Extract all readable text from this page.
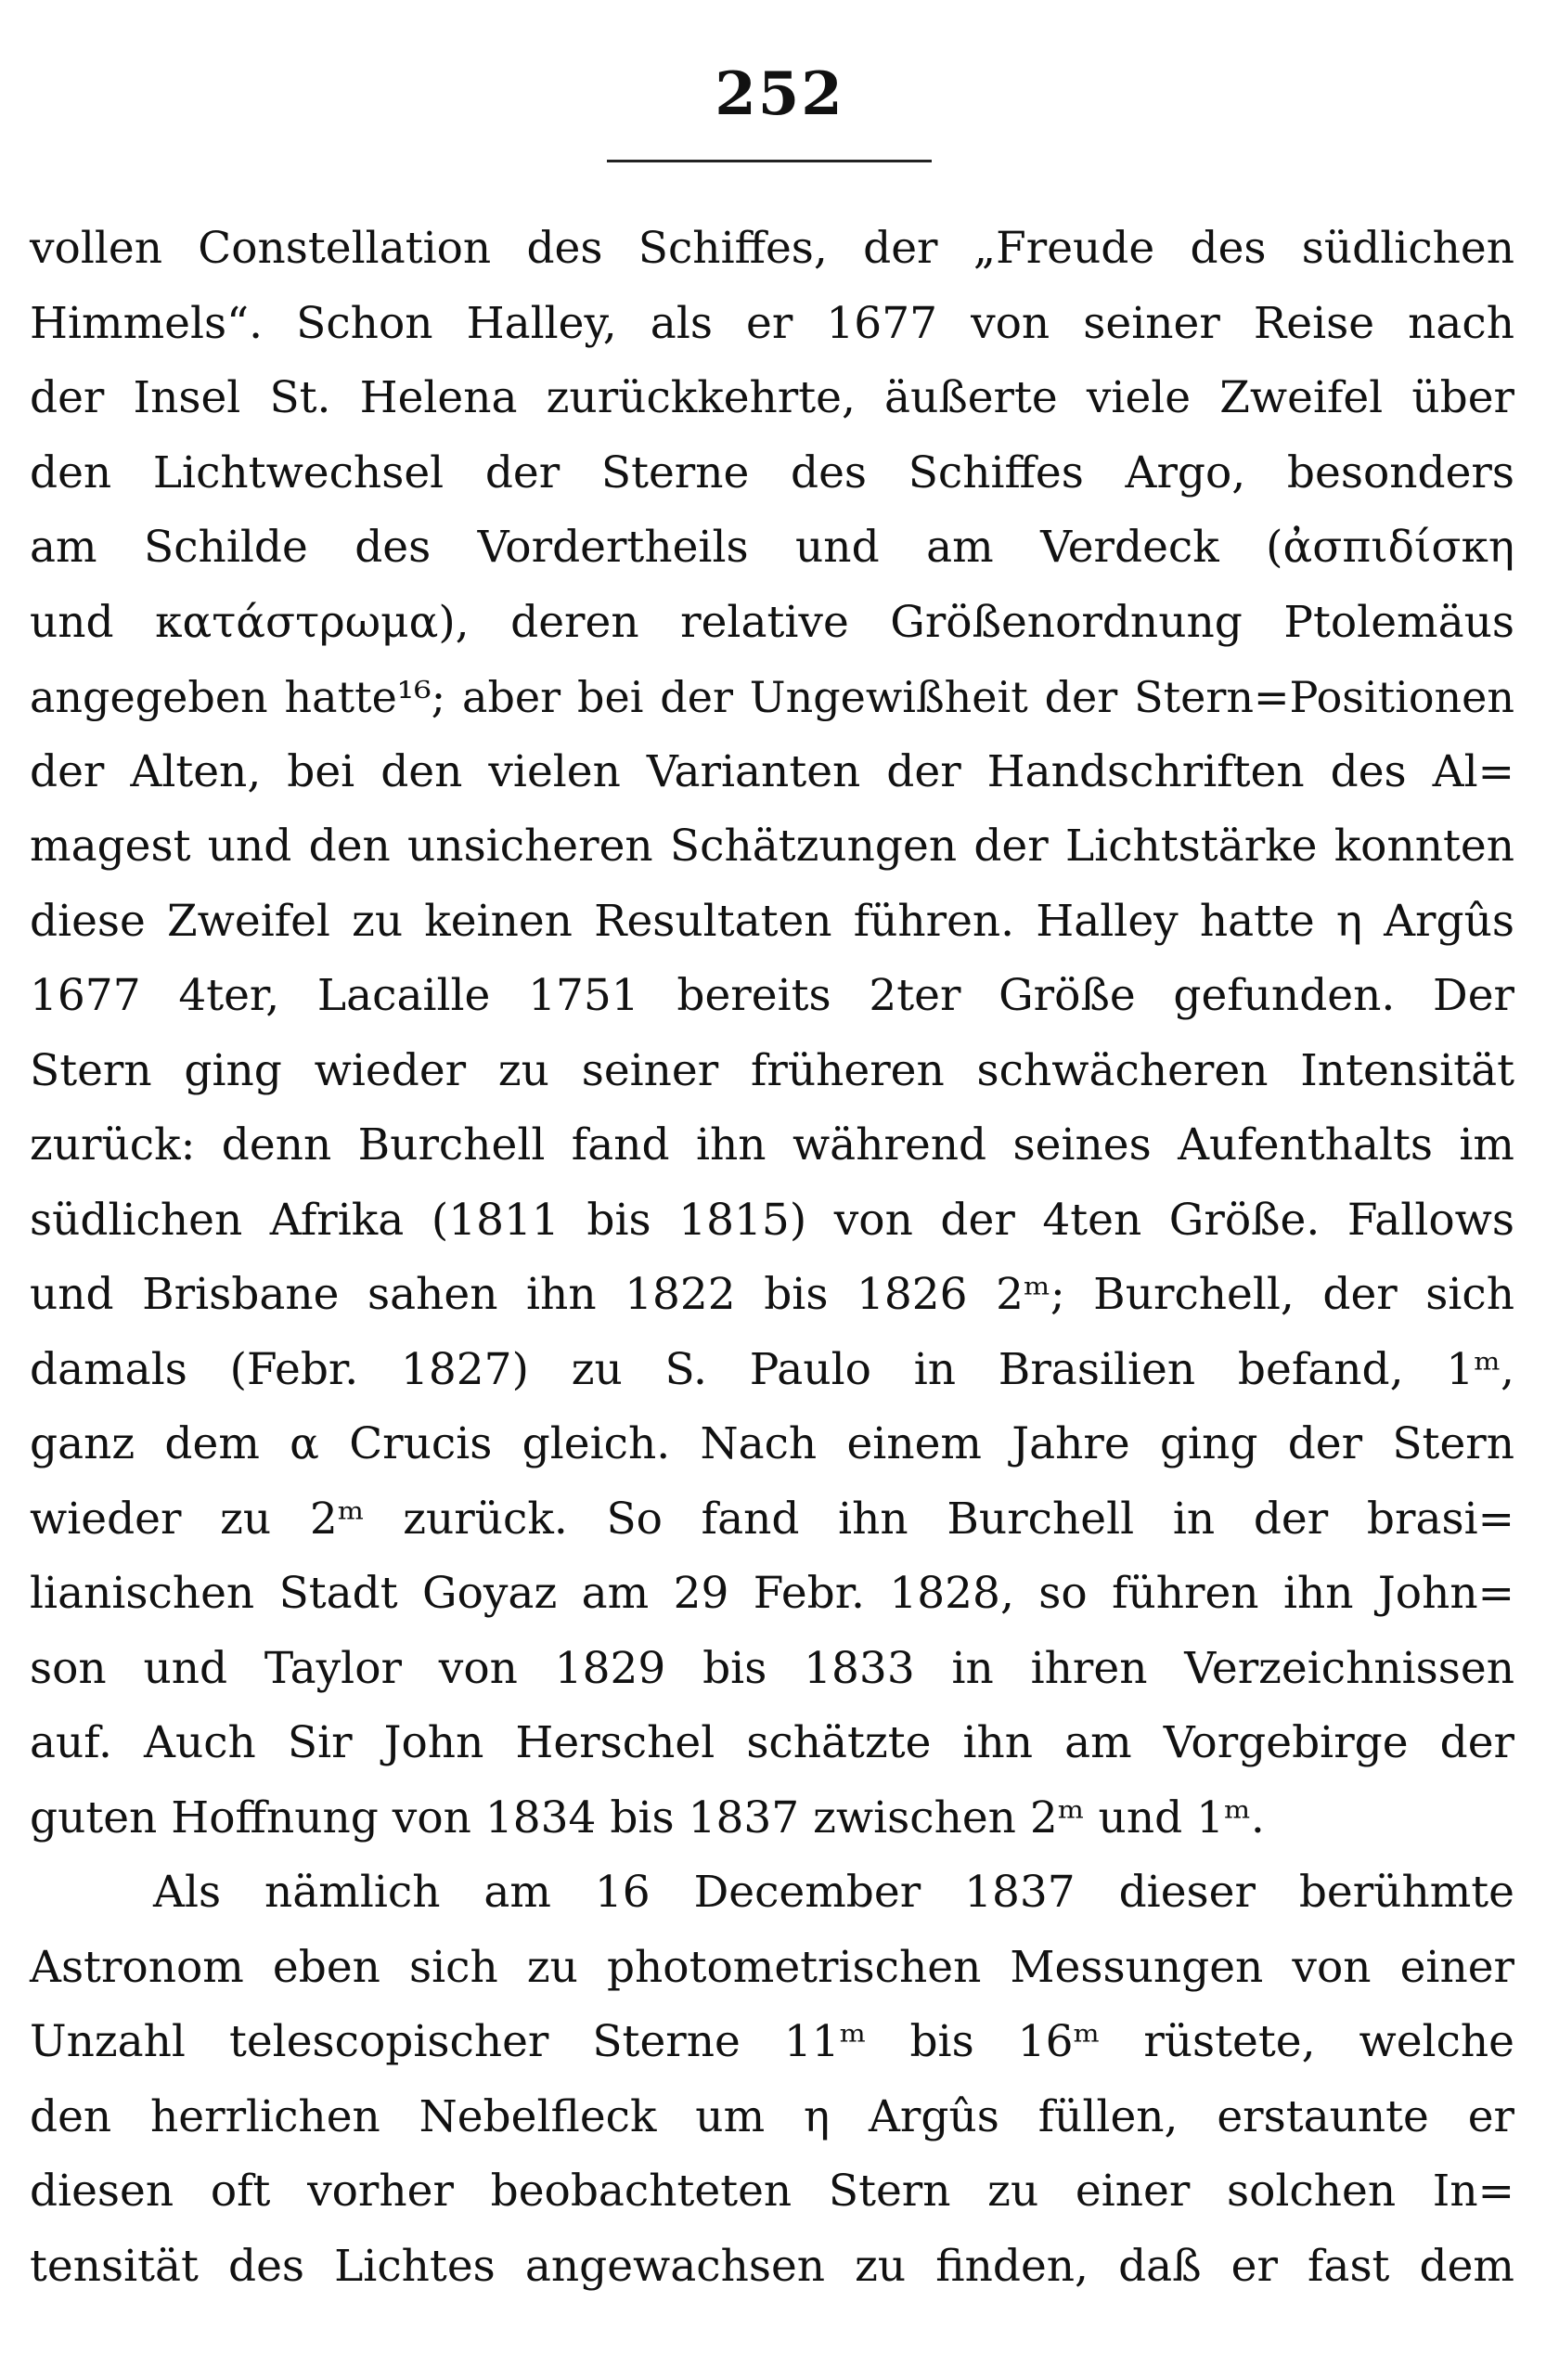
252
vollen Constellation des Schiffes, der „Freude des südlichen
Himmels“. Schon Halley, als er 1677 von seiner Reise nach
der Insel St. Helena zurückkehrte, äußerte viele Zweifel über
den Lichtwechsel der Sterne des Schiffes Argo, besonders
am Schilde des Vordertheils und am Verdeck (ἀσπιδίσκη
und κατάστρωμα), deren relative Größenordnung Ptolemäus
angegeben hatte¹⁶; aber bei der Ungewißheit der Stern=Positionen
der Alten, bei den vielen Varianten der Handschriften des Al=
magest und den unsicheren Schätzungen der Lichtstärke konnten
diese Zweifel zu keinen Resultaten führen. Halley hatte η Argûs
1677 4ter, Lacaille 1751 bereits 2ter Größe gefunden. Der
Stern ging wieder zu seiner früheren schwächeren Intensität
zurück: denn Burchell fand ihn während seines Aufenthalts im
südlichen Afrika (1811 bis 1815) von der 4ten Größe. Fallows
und Brisbane sahen ihn 1822 bis 1826 2ᵐ; Burchell, der sich
damals (Febr. 1827) zu S. Paulo in Brasilien befand, 1ᵐ,
ganz dem α Crucis gleich. Nach einem Jahre ging der Stern
wieder zu 2ᵐ zurück. So fand ihn Burchell in der brasi=
lianischen Stadt Goyaz am 29 Febr. 1828, so führen ihn John=
son und Taylor von 1829 bis 1833 in ihren Verzeichnissen
auf. Auch Sir John Herschel schätzte ihn am Vorgebirge der
guten Hoffnung von 1834 bis 1837 zwischen 2ᵐ und 1ᵐ.
Als nämlich am 16 December 1837 dieser berühmte
Astronom eben sich zu photometrischen Messungen von einer
Unzahl telescopischer Sterne 11ᵐ bis 16ᵐ rüstete, welche
den herrlichen Nebelfleck um η Argûs füllen, erstaunte er
diesen oft vorher beobachteten Stern zu einer solchen In=
tensität des Lichtes angewachsen zu finden, daß er fast dem
